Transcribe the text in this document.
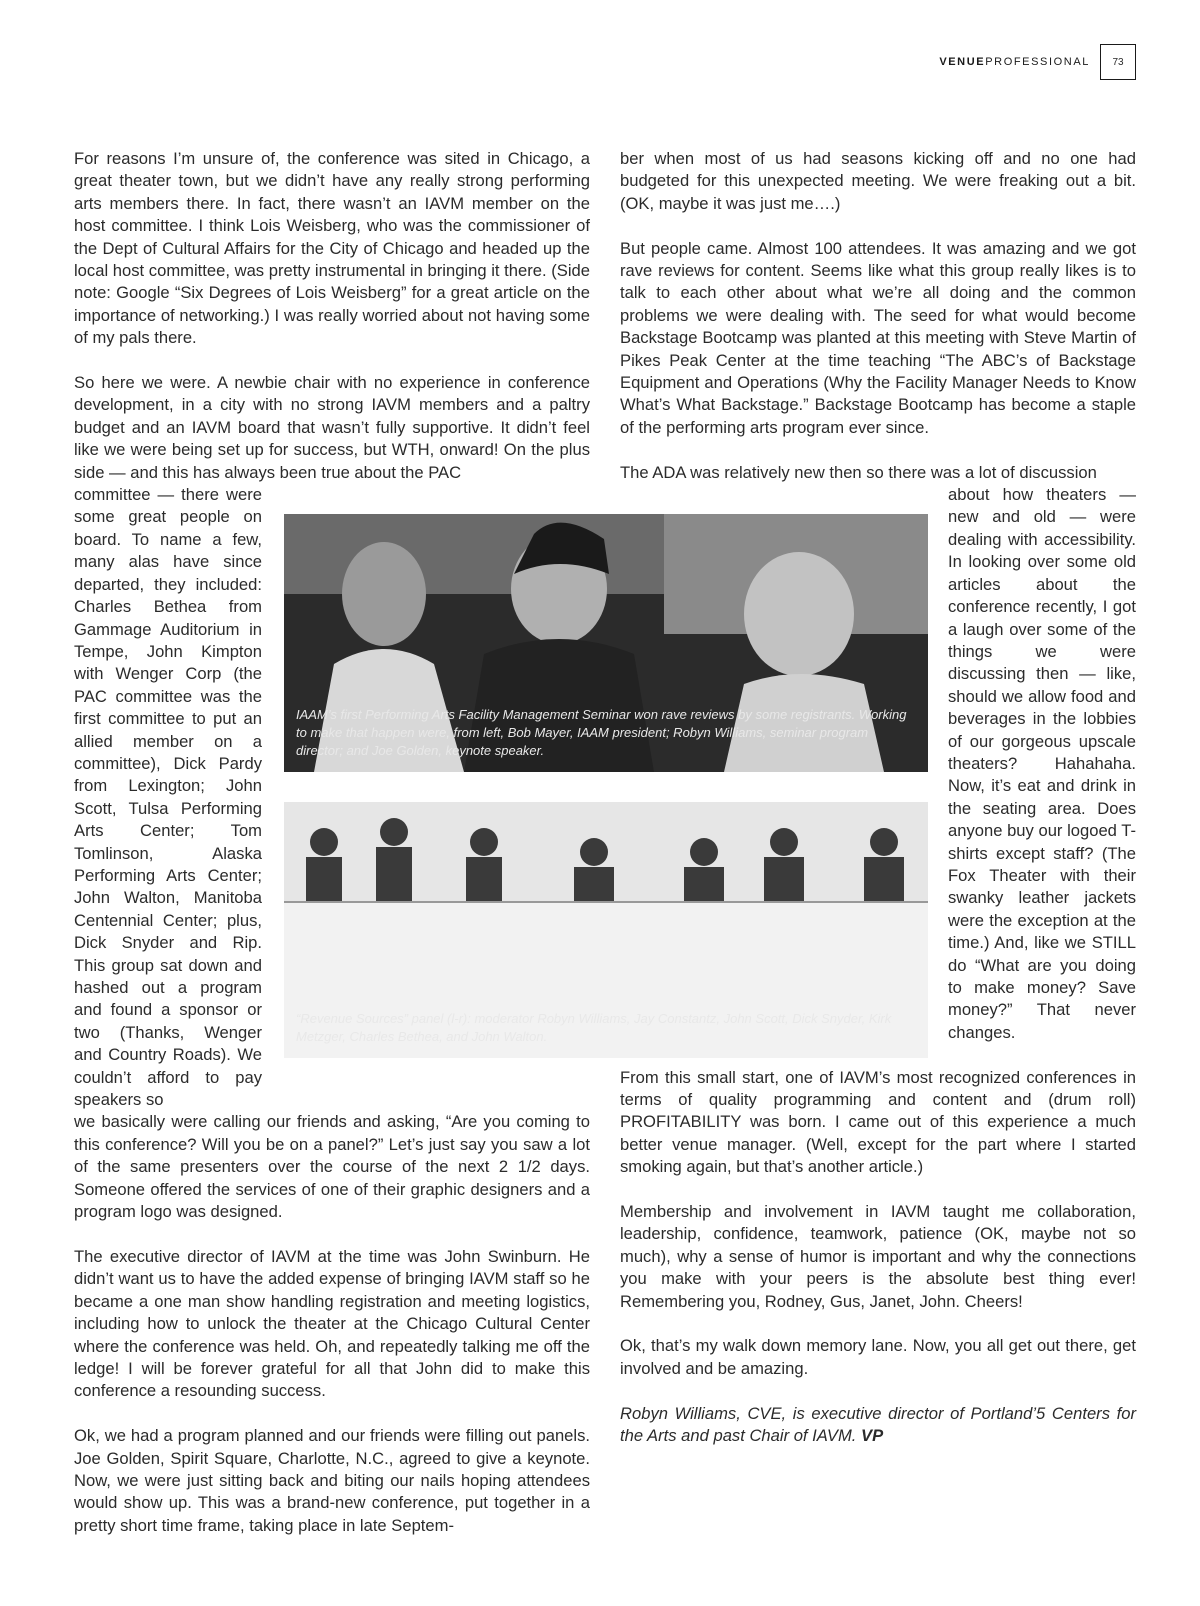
VENUEPROFESSIONAL	73

For reasons I’m unsure of, the conference was sited in Chicago, a great theater town, but we didn’t have any really strong performing arts members there. In fact, there wasn’t an IAVM member on the host committee. I think Lois Weisberg, who was the commissioner of the Dept of Cultural Affairs for the City of Chicago and headed up the local host committee, was pretty instrumental in bringing it there. (Side note: Google “Six Degrees of Lois Weisberg” for a great article on the importance of networking.) I was really worried about not having some of my pals there.

So here we were. A newbie chair with no experience in conference development, in a city with no strong IAVM members and a paltry budget and an IAVM board that wasn’t fully supportive. It didn’t feel like we were being set up for success, but WTH, onward! On the plus side — and this has always been true about the PAC

committee — there were some great people on board. To name a few, many alas have since departed, they included: Charles Bethea from Gammage Auditorium in Tempe, John Kimpton with Wenger Corp (the PAC committee was the first committee to put an allied member on a committee), Dick Pardy from Lexington; John Scott, Tulsa Performing Arts Center; Tom Tomlinson, Alaska Performing Arts Center; John Walton, Manitoba Centennial Center; plus, Dick Snyder and Rip. This group sat down and hashed out a program and found a sponsor or two (Thanks, Wenger and Country Roads). We couldn’t afford to pay speakers so

we basically were calling our friends and asking, “Are you coming to this conference? Will you be on a panel?” Let’s just say you saw a lot of the same presenters over the course of the next 2 1/2 days. Someone offered the services of one of their graphic designers and a program logo was designed.

The executive director of IAVM at the time was John Swinburn. He didn’t want us to have the added expense of bringing IAVM staff so he became a one man show handling registration and meeting logistics, including how to unlock the theater at the Chicago Cultural Center where the conference was held. Oh, and repeatedly talking me off the ledge! I will be forever grateful for all that John did to make this conference a resounding success.

Ok, we had a program planned and our friends were filling out panels. Joe Golden, Spirit Square, Charlotte, N.C., agreed to give a keynote. Now, we were just sitting back and biting our nails hoping attendees would show up. This was a brand-new conference, put together in a pretty short time frame, taking place in late Septem-

ber when most of us had seasons kicking off and no one had budgeted for this unexpected meeting. We were freaking out a bit. (OK, maybe it was just me….)

But people came. Almost 100 attendees. It was amazing and we got rave reviews for content. Seems like what this group really likes is to talk to each other about what we’re all doing and the common problems we were dealing with. The seed for what would become Backstage Bootcamp was planted at this meeting with Steve Martin of Pikes Peak Center at the time teaching “The ABC’s of Backstage Equipment and Operations (Why the Facility Manager Needs to Know What’s What Backstage.” Backstage Bootcamp has become a staple of the performing arts program ever since.

The ADA was relatively new then so there was a lot of discussion

about how theaters — new and old — were dealing with accessibility. In looking over some old articles about the conference recently, I got a laugh over some of the things we were discussing then — like, should we allow food and beverages in the lobbies of our gorgeous upscale theaters? Hahahaha. Now, it’s eat and drink in the seating area. Does anyone buy our logoed T-shirts except staff? (The Fox Theater with their swanky leather jackets were the exception at the time.) And, like we STILL do “What are you doing to make money? Save money?” That never changes.

From this small start, one of IAVM’s most recognized conferences in terms of quality programming and content and (drum roll) PROFITABILITY was born. I came out of this experience a much better venue manager. (Well, except for the part where I started smoking again, but that’s another article.)

Membership and involvement in IAVM taught me collaboration, leadership, confidence, teamwork, patience (OK, maybe not so much), why a sense of humor is important and why the connections you make with your peers is the absolute best thing ever! Remembering you, Rodney, Gus, Janet, John. Cheers!

Ok, that’s my walk down memory lane. Now, you all get out there, get involved and be amazing.

Robyn Williams, CVE, is executive director of Portland’5 Centers for the Arts and past Chair of IAVM. VP

IAAM’s first Performing Arts Facility Management Seminar won rave reviews by some registrants. Working to make that happen were, from left, Bob Mayer, IAAM president; Robyn Williams, seminar program director; and Joe Golden, keynote speaker.
“Revenue Sources” panel (l-r): moderator Robyn Williams, Jay Constantz, John Scott, Dick Snyder, Kirk Metzger, Charles Bethea, and John Walton.
